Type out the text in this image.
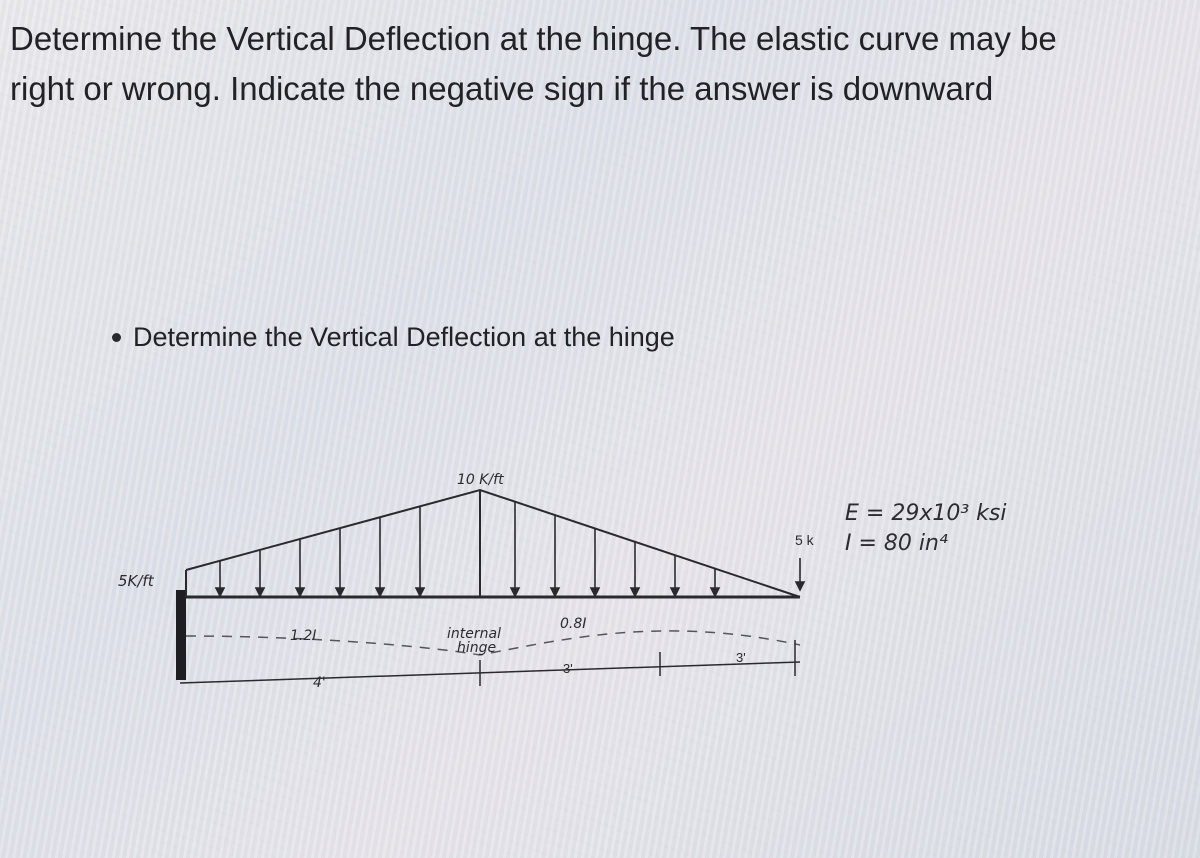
Determine the Vertical Deflection at the hinge. The elastic curve may be
right or wrong. Indicate the negative sign if the answer is downward
Determine the Vertical Deflection at the hinge
5K/ft
10 K/ft
5 k
E = 29x10³ ksi
I = 80 in⁴
1.2I	internal
hinge
0.8I
4'
3'
3'
